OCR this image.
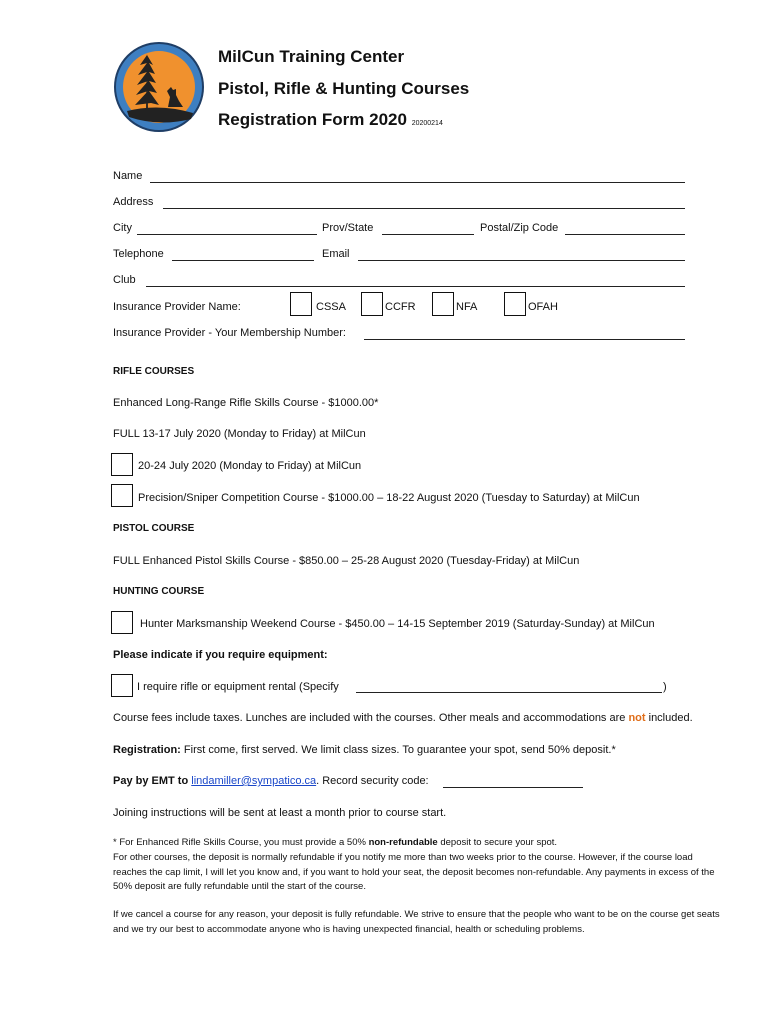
MilCun Training Center
Pistol, Rifle & Hunting Courses
Registration Form 2020 20200214
Name
Address
City	Prov/State	Postal/Zip Code
Telephone	Email
Club
Insurance Provider Name:	CSSA	CCFR	NFA	OFAH
Insurance Provider - Your Membership Number:
RIFLE COURSES
Enhanced Long-Range Rifle Skills Course - $1000.00*
FULL 13-17 July 2020 (Monday to Friday) at MilCun
20-24 July 2020 (Monday to Friday) at MilCun
Precision/Sniper Competition Course - $1000.00 – 18-22 August 2020 (Tuesday to Saturday) at MilCun
PISTOL COURSE
FULL Enhanced Pistol Skills Course - $850.00 – 25-28 August 2020 (Tuesday-Friday) at MilCun
HUNTING COURSE
Hunter Marksmanship Weekend Course - $450.00 – 14-15 September 2019 (Saturday-Sunday) at MilCun
Please indicate if you require equipment:
I require rifle or equipment rental (Specify	)
Course fees include taxes. Lunches are included with the courses. Other meals and accommodations are not included.
Registration: First come, first served. We limit class sizes. To guarantee your spot, send 50% deposit.*
Pay by EMT to lindamiller@sympatico.ca. Record security code:
Joining instructions will be sent at least a month prior to course start.
* For Enhanced Rifle Skills Course, you must provide a 50% non-refundable deposit to secure your spot.
For other courses, the deposit is normally refundable if you notify me more than two weeks prior to the course. However, if the course load reaches the cap limit, I will let you know and, if you want to hold your seat, the deposit becomes non-refundable. Any payments in excess of the 50% deposit are fully refundable until the start of the course.
If we cancel a course for any reason, your deposit is fully refundable. We strive to ensure that the people who want to be on the course get seats and we try our best to accommodate anyone who is having unexpected financial, health or scheduling problems.
